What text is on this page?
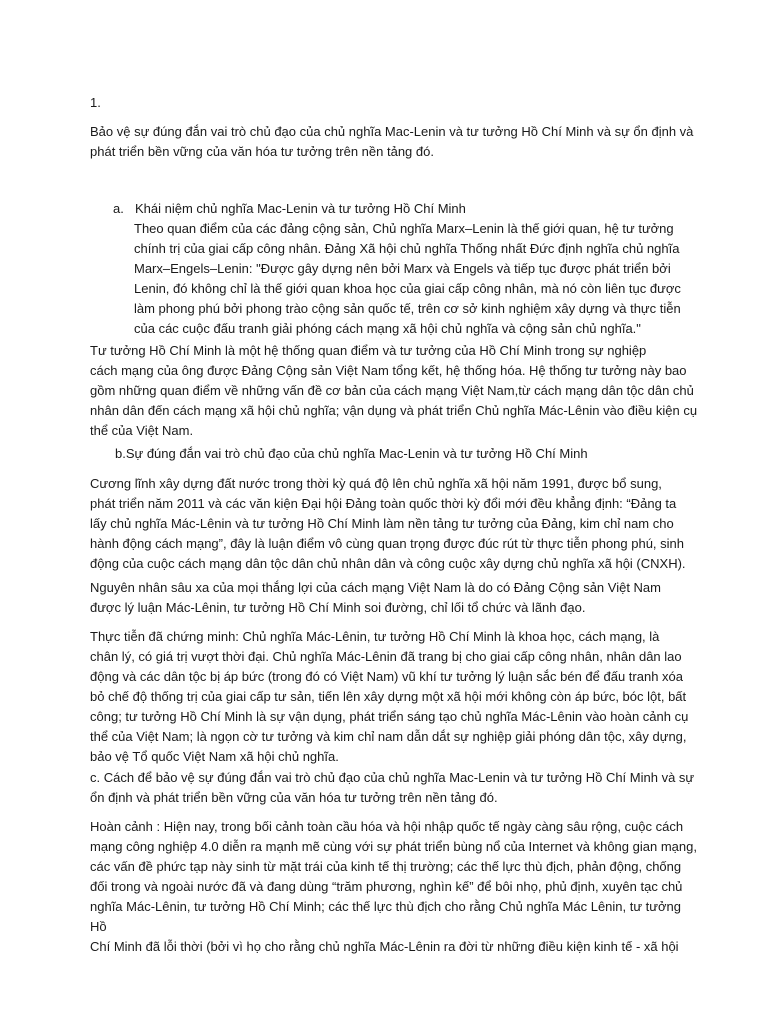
1.

Bảo vệ sự đúng đắn vai trò chủ đạo của chủ nghĩa Mac-Lenin và tư tưởng Hồ Chí Minh và sự ổn định và
phát triển bền vững của văn hóa tư tưởng trên nền tảng đó.

a. Khái niệm chủ nghĩa Mac-Lenin và tư tưởng Hồ Chí Minh

Theo quan điểm của các đảng cộng sản, Chủ nghĩa Marx–Lenin là thế giới quan, hệ tư tưởng
chính trị của giai cấp công nhân. Đảng Xã hội chủ nghĩa Thống nhất Đức định nghĩa chủ nghĩa
Marx–Engels–Lenin: "Được gây dựng nên bởi Marx và Engels và tiếp tục được phát triển bởi
Lenin, đó không chỉ là thế giới quan khoa học của giai cấp công nhân, mà nó còn liên tục được
làm phong phú bởi phong trào cộng sản quốc tế, trên cơ sở kinh nghiệm xây dựng và thực tiễn
của các cuộc đấu tranh giải phóng cách mạng xã hội chủ nghĩa và cộng sản chủ nghĩa."

Tư tưởng Hồ Chí Minh là một hệ thống quan điểm và tư tưởng của Hồ Chí Minh trong sự nghiệp
cách mạng của ông được Đảng Cộng sản Việt Nam tổng kết, hệ thống hóa. Hệ thống tư tưởng này bao
gồm những quan điểm về những vấn đề cơ bản của cách mạng Việt Nam,từ cách mạng dân tộc dân chủ
nhân dân đến cách mạng xã hội chủ nghĩa; vận dụng và phát triển Chủ nghĩa Mác-Lênin vào điều kiện cụ
thể của Việt Nam.

b.Sự đúng đắn vai trò chủ đạo của chủ nghĩa Mac-Lenin và tư tưởng Hồ Chí Minh

Cương lĩnh xây dựng đất nước trong thời kỳ quá độ lên chủ nghĩa xã hội năm 1991, được bổ sung,
phát triển năm 2011 và các văn kiện Đại hội Đảng toàn quốc thời kỳ đổi mới đều khẳng định: “Đảng ta
lấy chủ nghĩa Mác-Lênin và tư tưởng Hồ Chí Minh làm nền tảng tư tưởng của Đảng, kim chỉ nam cho
hành động cách mạng”, đây là luận điểm vô cùng quan trọng được đúc rút từ thực tiễn phong phú, sinh
động của cuộc cách mạng dân tộc dân chủ nhân dân và công cuộc xây dựng chủ nghĩa xã hội (CNXH).

Nguyên nhân sâu xa của mọi thắng lợi của cách mạng Việt Nam là do có Đảng Cộng sản Việt Nam
được lý luận Mác-Lênin, tư tưởng Hồ Chí Minh soi đường, chỉ lối tổ chức và lãnh đạo.

Thực tiễn đã chứng minh: Chủ nghĩa Mác-Lênin, tư tưởng Hồ Chí Minh là khoa học, cách mạng, là
chân lý, có giá trị vượt thời đại. Chủ nghĩa Mác-Lênin đã trang bị cho giai cấp công nhân, nhân dân lao
động và các dân tộc bị áp bức (trong đó có Việt Nam) vũ khí tư tưởng lý luận sắc bén để đấu tranh xóa
bỏ chế độ thống trị của giai cấp tư sản, tiến lên xây dựng một xã hội mới không còn áp bức, bóc lột, bất
công; tư tưởng Hồ Chí Minh là sự vận dụng, phát triển sáng tạo chủ nghĩa Mác-Lênin vào hoàn cảnh cụ
thể của Việt Nam; là ngọn cờ tư tưởng và kim chỉ nam dẫn dắt sự nghiệp giải phóng dân tộc, xây dựng,
bảo vệ Tổ quốc Việt Nam xã hội chủ nghĩa.

c. Cách để bảo vệ sự đúng đắn vai trò chủ đạo của chủ nghĩa Mac-Lenin và tư tưởng Hồ Chí Minh và sự
ổn định và phát triển bền vững của văn hóa tư tưởng trên nền tảng đó.

Hoàn cảnh : Hiện nay, trong bối cảnh toàn cầu hóa và hội nhập quốc tế ngày càng sâu rộng, cuộc cách
mạng công nghiệp 4.0 diễn ra mạnh mẽ cùng với sự phát triển bùng nổ của Internet và không gian mạng,
các vấn đề phức tạp này sinh từ mặt trái của kinh tế thị trường; các thế lực thù địch, phản động, chống
đối trong và ngoài nước đã và đang dùng “trăm phương, nghìn kế” để bôi nhọ, phủ định, xuyên tạc chủ
nghĩa Mác-Lênin, tư tưởng Hồ Chí Minh; các thế lực thù địch cho rằng Chủ nghĩa Mác Lênin, tư tưởng Hồ
Chí Minh đã lỗi thời (bởi vì họ cho rằng chủ nghĩa Mác-Lênin ra đời từ những điều kiện kinh tế - xã hội
